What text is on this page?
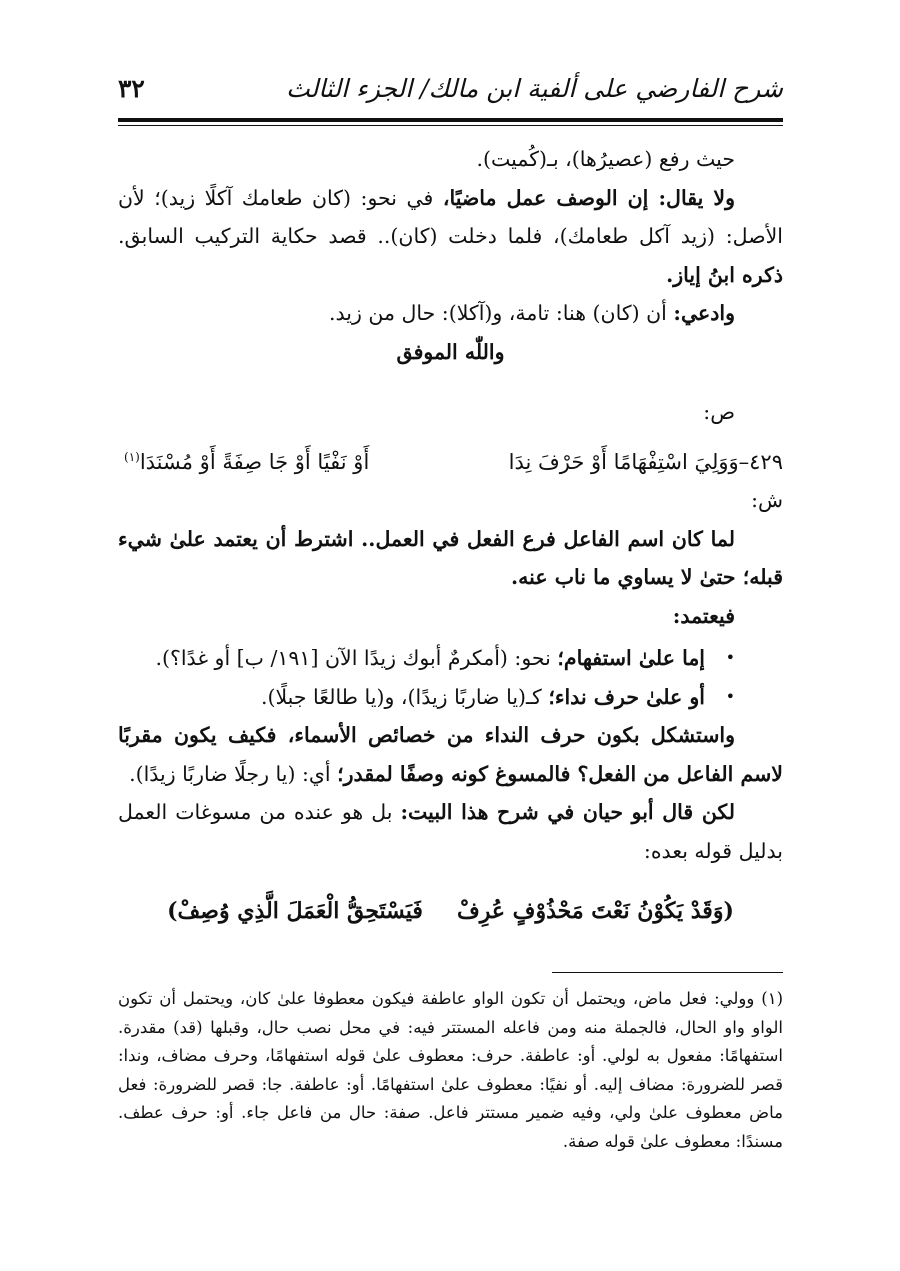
شرح الفارضي على ألفية ابن مالك/ الجزء الثالث
٣٢

حيث رفع (عصيرُها)، بـ(كُميت).

ولا يقال: إن الوصف عمل ماضيًا، في نحو: (كان طعامك آكلًا زيد)؛ لأن الأصل: (زيد آكل طعامك)، فلما دخلت (كان).. قصد حكاية التركيب السابق. ذكره ابنُ إياز.

وادعي: أن (كان) هنا: تامة، و(آكلا): حال من زيد.

واللّٰه الموفق

ص:

٤٢٩–وَوَلِيَ اسْتِفْهَامًا أَوْ حَرْفَ نِدَا
أَوْ نَفْيًا أَوْ جَا صِفَةً أَوْ مُسْنَدَا$^{(١)}$

ش:

لما كان اسم الفاعل فرع الفعل في العمل.. اشترط أن يعتمد علىٰ شيء قبله؛ حتىٰ لا يساوي ما ناب عنه.

فيعتمد:

•
إما علىٰ استفهام؛ نحو: (أمكرمٌ أبوك زيدًا الآن [١٩١/ ب] أو غدًا؟).
•
أو علىٰ حرف نداء؛ كـ(يا ضاربًا زيدًا)، و(يا طالعًا جبلًا).

واستشكل بكون حرف النداء من خصائص الأسماء، فكيف يكون مقربًا لاسم الفاعل من الفعل؟ فالمسوغ كونه وصفًا لمقدر؛ أي: (يا رجلًا ضاربًا زيدًا).

لكن قال أبو حيان في شرح هذا البيت: بل هو عنده من مسوغات العمل بدليل قوله بعده:

(وَقَدْ يَكُوْنُ نَعْتَ مَحْذُوْفٍ عُرِفْفَيَسْتَحِقُّ الْعَمَلَ الَّذِي وُصِفْ)

(١) وولي: فعل ماض، ويحتمل أن تكون الواو عاطفة فيكون معطوفا علىٰ كان، ويحتمل أن تكون الواو واو الحال، فالجملة منه ومن فاعله المستتر فيه: في محل نصب حال، وقبلها (قد) مقدرة. استفهامًا: مفعول به لولي. أو: عاطفة. حرف: معطوف علىٰ قوله استفهامًا، وحرف مضاف، وندا: قصر للضرورة: مضاف إليه. أو نفيًا: معطوف علىٰ استفهامًا. أو: عاطفة. جا: قصر للضرورة: فعل ماض معطوف علىٰ ولي، وفيه ضمير مستتر فاعل. صفة: حال من فاعل جاء. أو: حرف عطف. مسندًا: معطوف علىٰ قوله صفة.
